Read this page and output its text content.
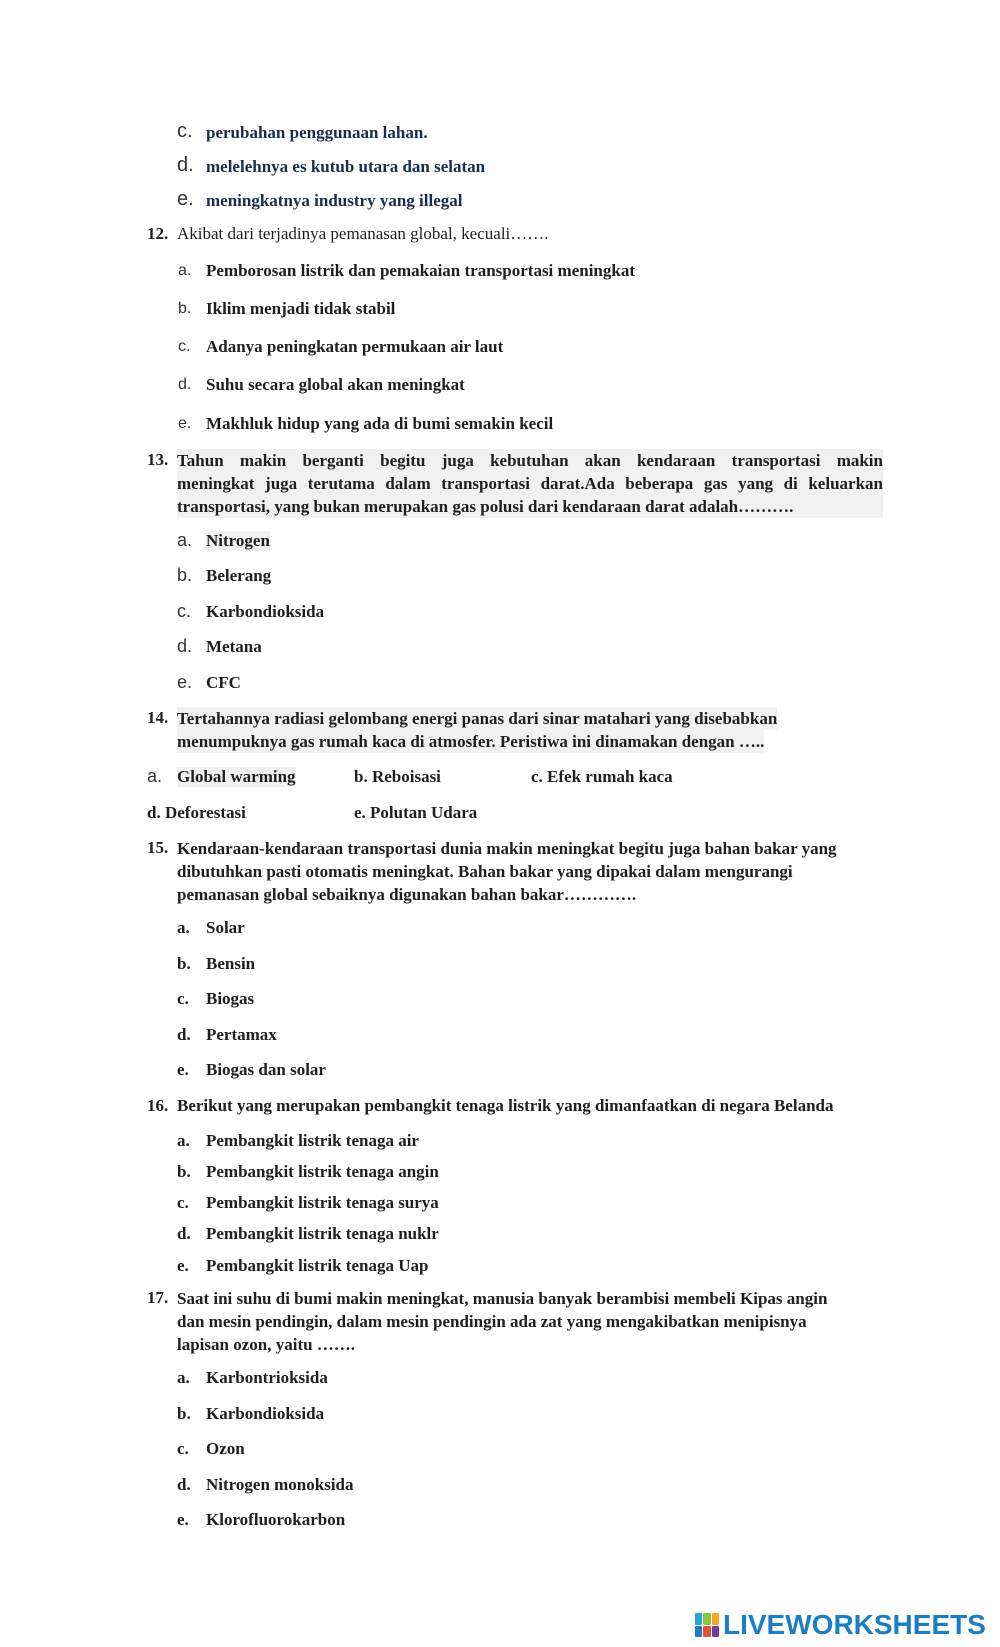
c. perubahan penggunaan lahan.
d. melelehnya es kutub utara dan selatan
e. meningkatnya industry yang illegal
12. Akibat dari terjadinya pemanasan global, kecuali…….
a. Pemborosan listrik dan pemakaian transportasi meningkat
b. Iklim menjadi tidak stabil
c. Adanya peningkatan permukaan air laut
d. Suhu secara global akan meningkat
e. Makhluk hidup yang ada di bumi semakin kecil
13. Tahun makin berganti begitu juga kebutuhan akan kendaraan transportasi makin
meningkat juga terutama dalam transportasi darat.Ada beberapa gas yang di keluarkan
transportasi, yang bukan merupakan gas polusi dari kendaraan darat adalah……….
a. Nitrogen
b. Belerang
c. Karbondioksida
d. Metana
e. CFC
14. Tertahannya radiasi gelombang energi panas dari sinar matahari yang disebabkan
menumpuknya gas rumah kaca di atmosfer. Peristiwa ini dinamakan dengan …..
a. Global warming	b. Reboisasi	c. Efek rumah kaca
d. Deforestasi	e. Polutan Udara
15. Kendaraan-kendaraan transportasi dunia makin meningkat begitu juga bahan bakar yang
dibutuhkan pasti otomatis meningkat. Bahan bakar yang dipakai dalam mengurangi
pemanasan global sebaiknya digunakan bahan bakar………….
a. Solar
b. Bensin
c. Biogas
d. Pertamax
e. Biogas dan solar
16. Berikut yang merupakan pembangkit tenaga listrik yang dimanfaatkan di negara Belanda
a. Pembangkit listrik tenaga air
b. Pembangkit listrik tenaga angin
c. Pembangkit listrik tenaga surya
d. Pembangkit listrik tenaga nuklr
e. Pembangkit listrik tenaga Uap
17. Saat ini suhu di bumi makin meningkat, manusia banyak berambisi membeli Kipas angin
dan mesin pendingin, dalam mesin pendingin ada zat yang mengakibatkan menipisnya
lapisan ozon, yaitu …….
a. Karbontrioksida
b. Karbondioksida
c. Ozon
d. Nitrogen monoksida
e. Klorofluorokarbon
LIVEWORKSHEETS
